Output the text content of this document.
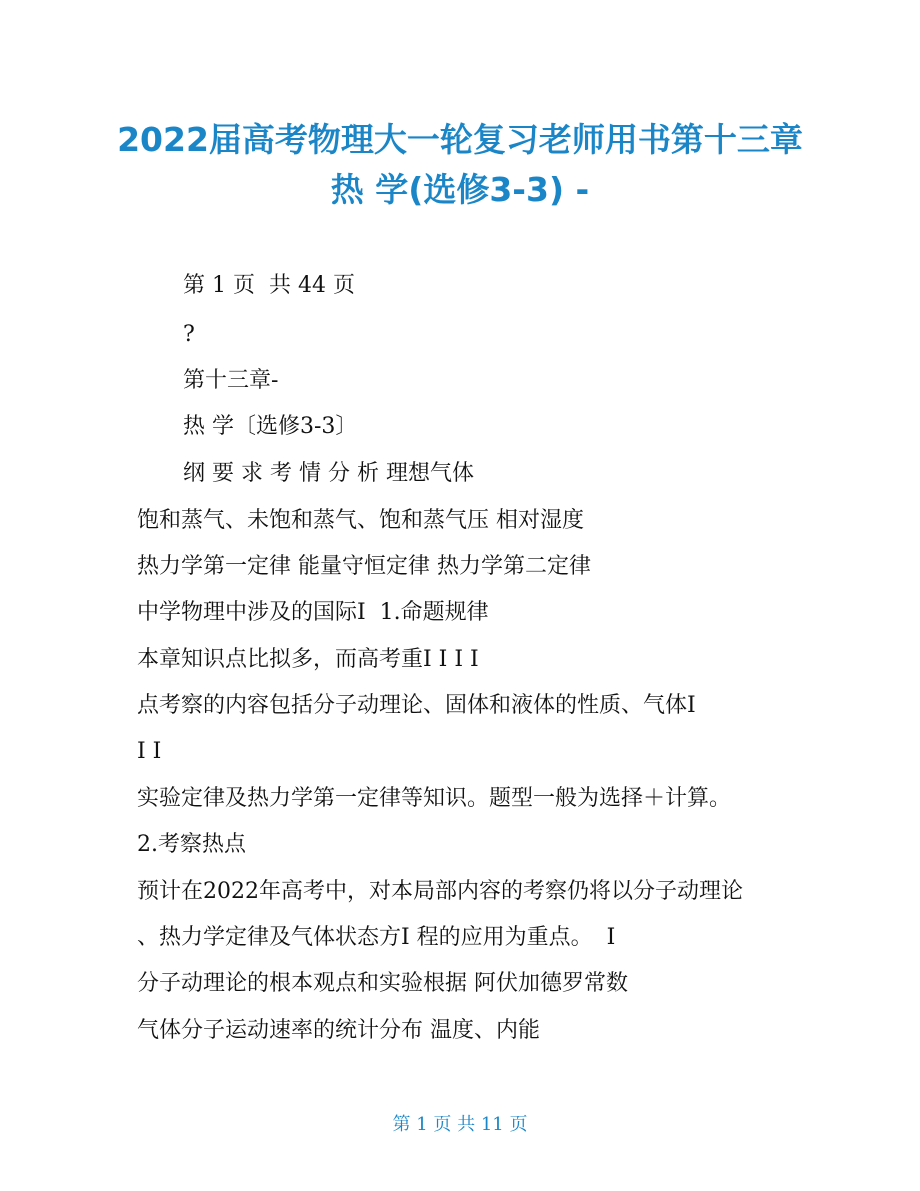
2022届高考物理大一轮复习老师用书第十三章
热 学(选修3-3) -
第 1 页  共 44 页
?
第十三章-
热 学〔选修3-3〕
纲 要 求 考 情 分 析 理想气体
饱和蒸气、未饱和蒸气、饱和蒸气压 相对湿度
热力学第一定律 能量守恒定律 热力学第二定律
中学物理中涉及的国际Ⅰ  1.命题规律
本章知识点比拟多，而高考重Ⅰ Ⅰ Ⅰ Ⅰ
点考察的内容包括分子动理论、固体和液体的性质、气体Ⅰ
Ⅰ Ⅰ
实验定律及热力学第一定律等知识。题型一般为选择＋计算。
2.考察热点
预计在2022年高考中，对本局部内容的考察仍将以分子动理论
、热力学定律及气体状态方Ⅰ 程的应用为重点。  Ⅰ
分子动理论的根本观点和实验根据 阿伏加德罗常数
气体分子运动速率的统计分布 温度、内能
第 1 页 共 11 页
